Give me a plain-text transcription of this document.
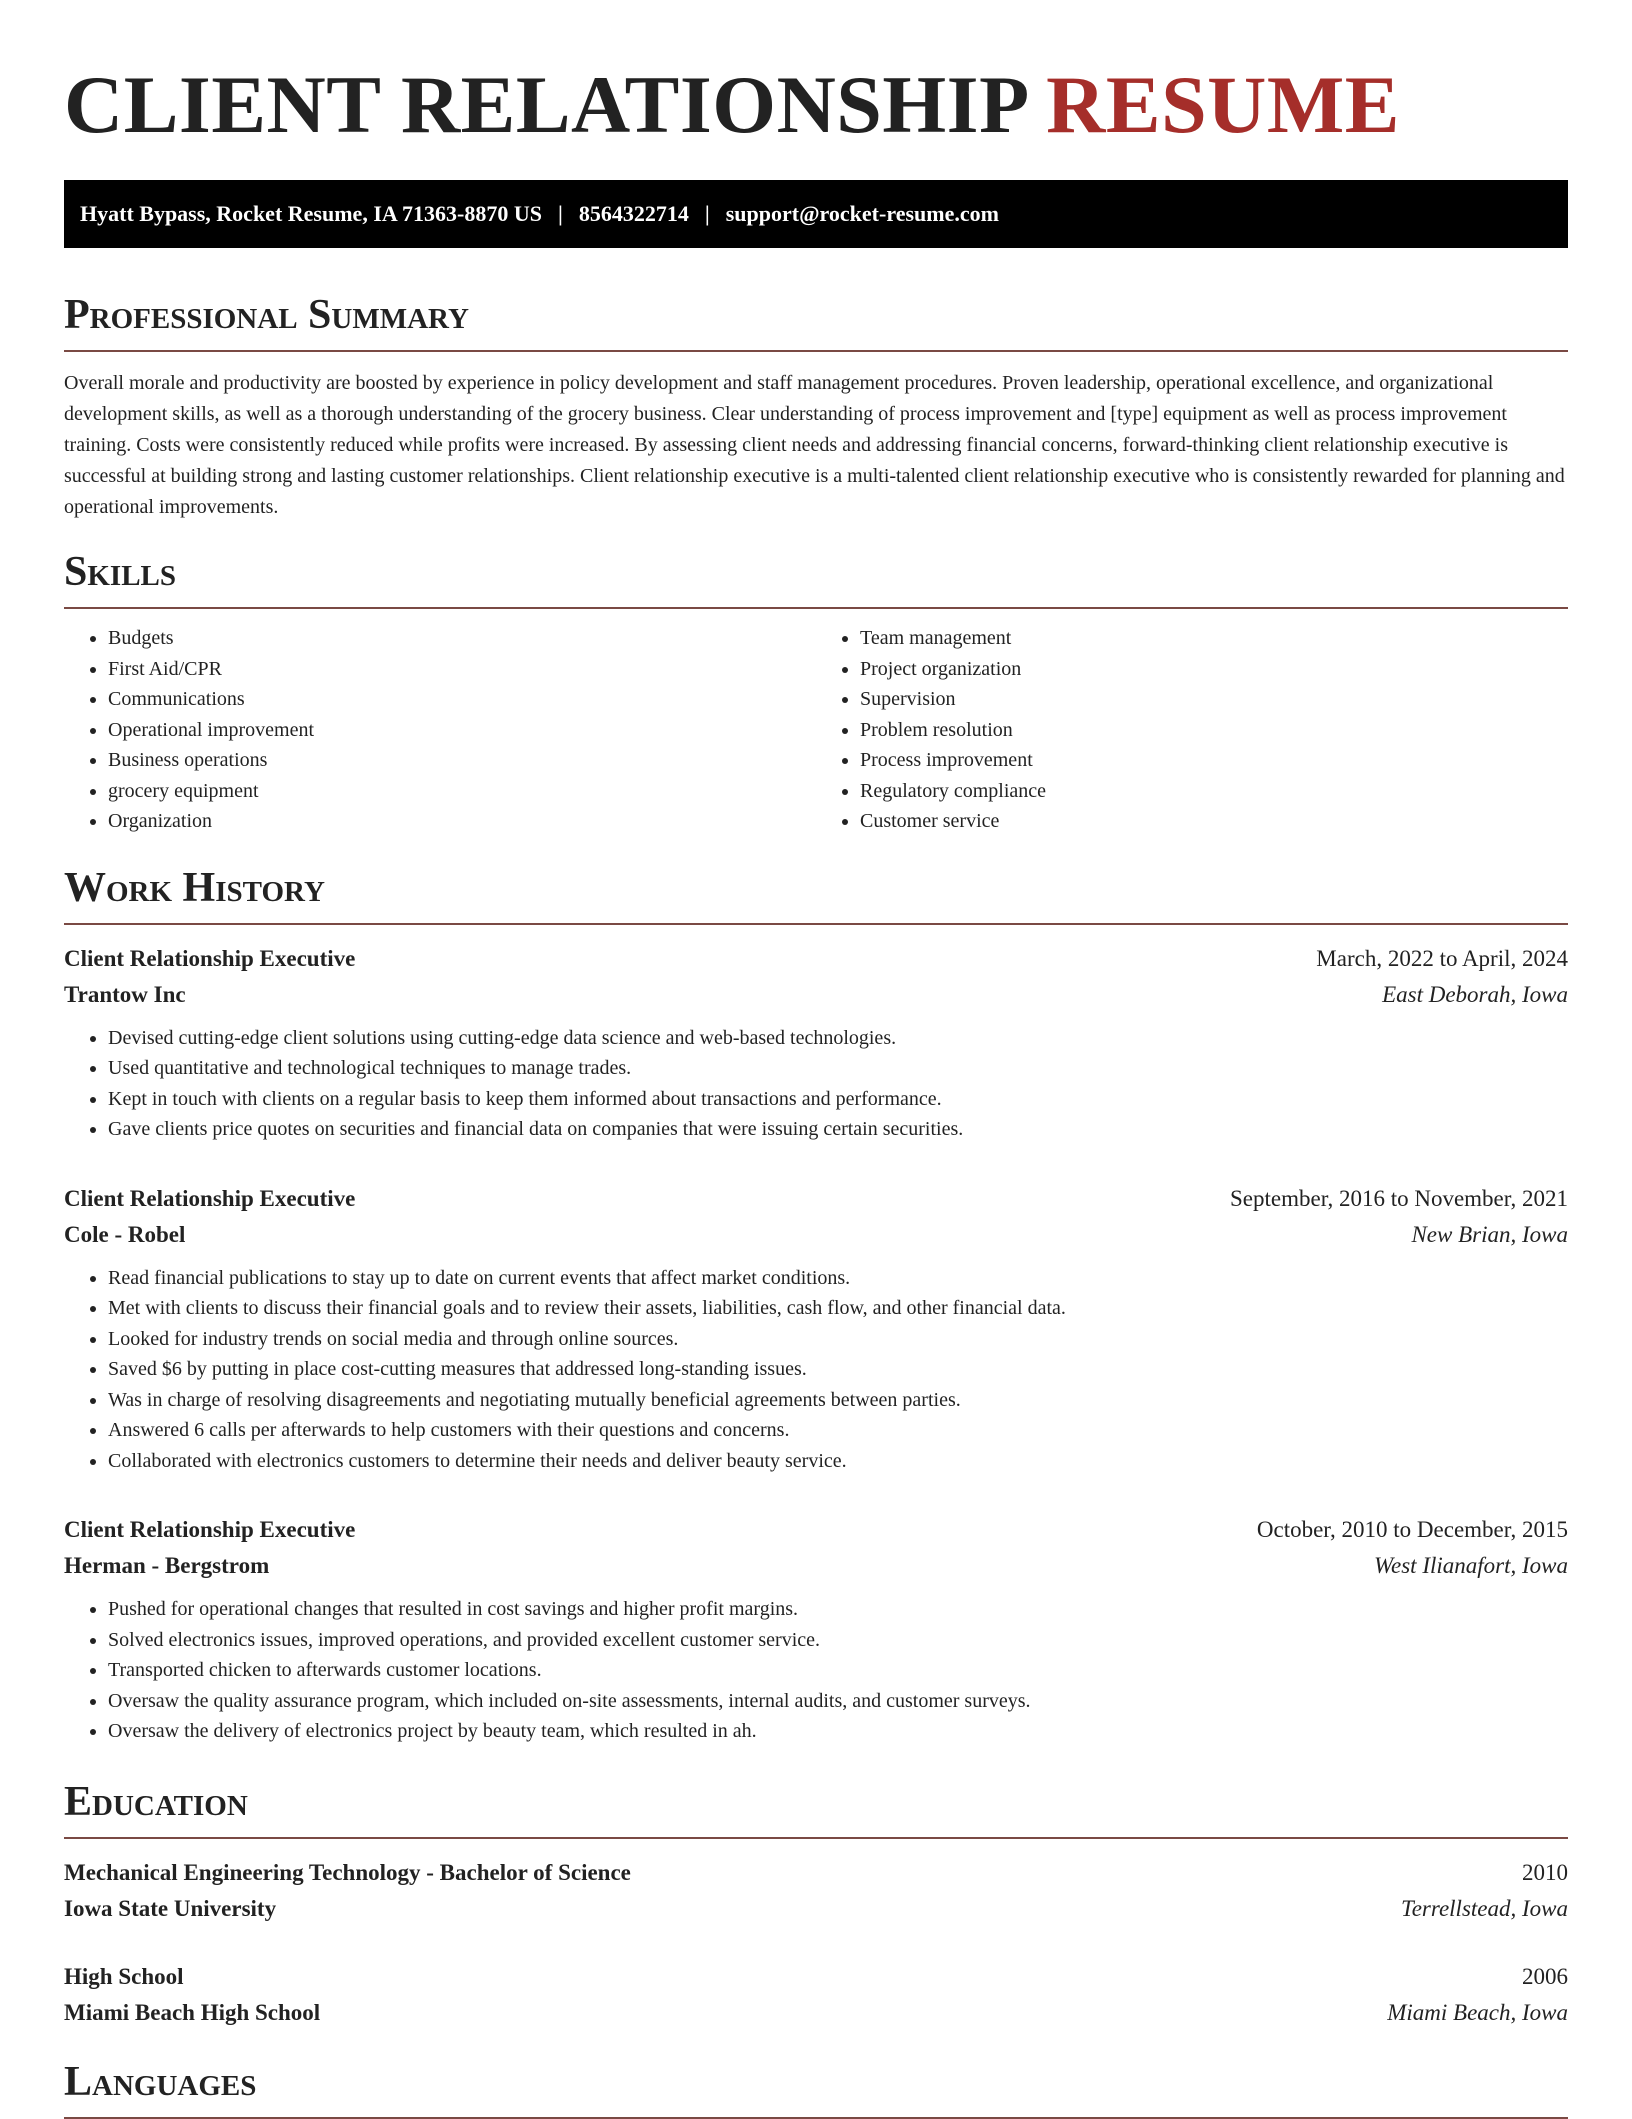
CLIENT RELATIONSHIP RESUME
Hyatt Bypass, Rocket Resume, IA 71363-8870 US | 8564322714 | support@rocket-resume.com
Professional Summary

Overall morale and productivity are boosted by experience in policy development and staff management procedures. Proven leadership, operational excellence, and organizational development skills, as well as a thorough understanding of the grocery business. Clear understanding of process improvement and [type] equipment as well as process improvement training. Costs were consistently reduced while profits were increased. By assessing client needs and addressing financial concerns, forward-thinking client relationship executive is successful at building strong and lasting customer relationships. Client relationship executive is a multi-talented client relationship executive who is consistently rewarded for planning and operational improvements.

Skills
• Budgets
• First Aid/CPR
• Communications
• Operational improvement
• Business operations
• grocery equipment
• Organization
• Team management
• Project organization
• Supervision
• Problem resolution
• Process improvement
• Regulatory compliance
• Customer service
Work History
Client Relationship Executive	March, 2022 to April, 2024
Trantow Inc	East Deborah, Iowa
• Devised cutting-edge client solutions using cutting-edge data science and web-based technologies.
• Used quantitative and technological techniques to manage trades.
• Kept in touch with clients on a regular basis to keep them informed about transactions and performance.
• Gave clients price quotes on securities and financial data on companies that were issuing certain securities.
Client Relationship Executive	September, 2016 to November, 2021
Cole - Robel	New Brian, Iowa
• Read financial publications to stay up to date on current events that affect market conditions.
• Met with clients to discuss their financial goals and to review their assets, liabilities, cash flow, and other financial data.
• Looked for industry trends on social media and through online sources.
• Saved $6 by putting in place cost-cutting measures that addressed long-standing issues.
• Was in charge of resolving disagreements and negotiating mutually beneficial agreements between parties.
• Answered 6 calls per afterwards to help customers with their questions and concerns.
• Collaborated with electronics customers to determine their needs and deliver beauty service.
Client Relationship Executive	October, 2010 to December, 2015
Herman - Bergstrom	West Ilianafort, Iowa
• Pushed for operational changes that resulted in cost savings and higher profit margins.
• Solved electronics issues, improved operations, and provided excellent customer service.
• Transported chicken to afterwards customer locations.
• Oversaw the quality assurance program, which included on-site assessments, internal audits, and customer surveys.
• Oversaw the delivery of electronics project by beauty team, which resulted in ah.
Education
Mechanical Engineering Technology - Bachelor of Science	2010
Iowa State University	Terrellstead, Iowa
High School	2006
Miami Beach High School	Miami Beach, Iowa
Languages
